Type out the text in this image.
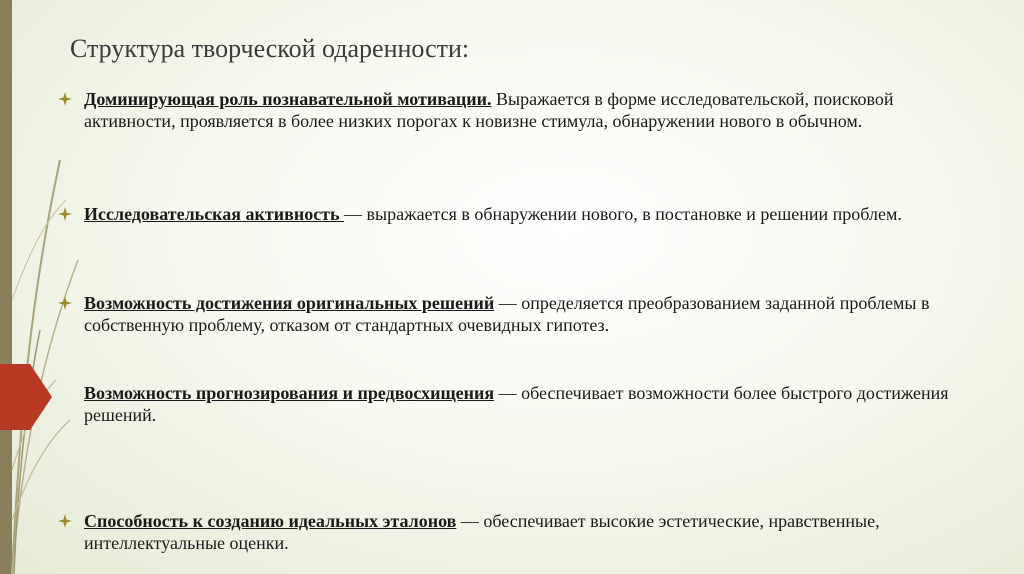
Структура творческой одаренности:
Доминирующая роль познавательной мотивации. Выражается в форме исследовательской, поисковой активности, проявляется в более низких порогах к новизне стимула, обнаружении нового в обычном.
Исследовательская активность — выражается в обнаружении нового, в постановке и решении проблем.
Возможность достижения оригинальных решений — определяется преобразованием заданной проблемы в собственную проблему, отказом от стандартных очевидных гипотез.
Возможность прогнозирования и предвосхищения — обеспечивает возможности более быстрого достижения решений.
Способность к созданию идеальных эталонов — обеспечивает высокие эстетические, нравственные, интеллектуальные оценки.
